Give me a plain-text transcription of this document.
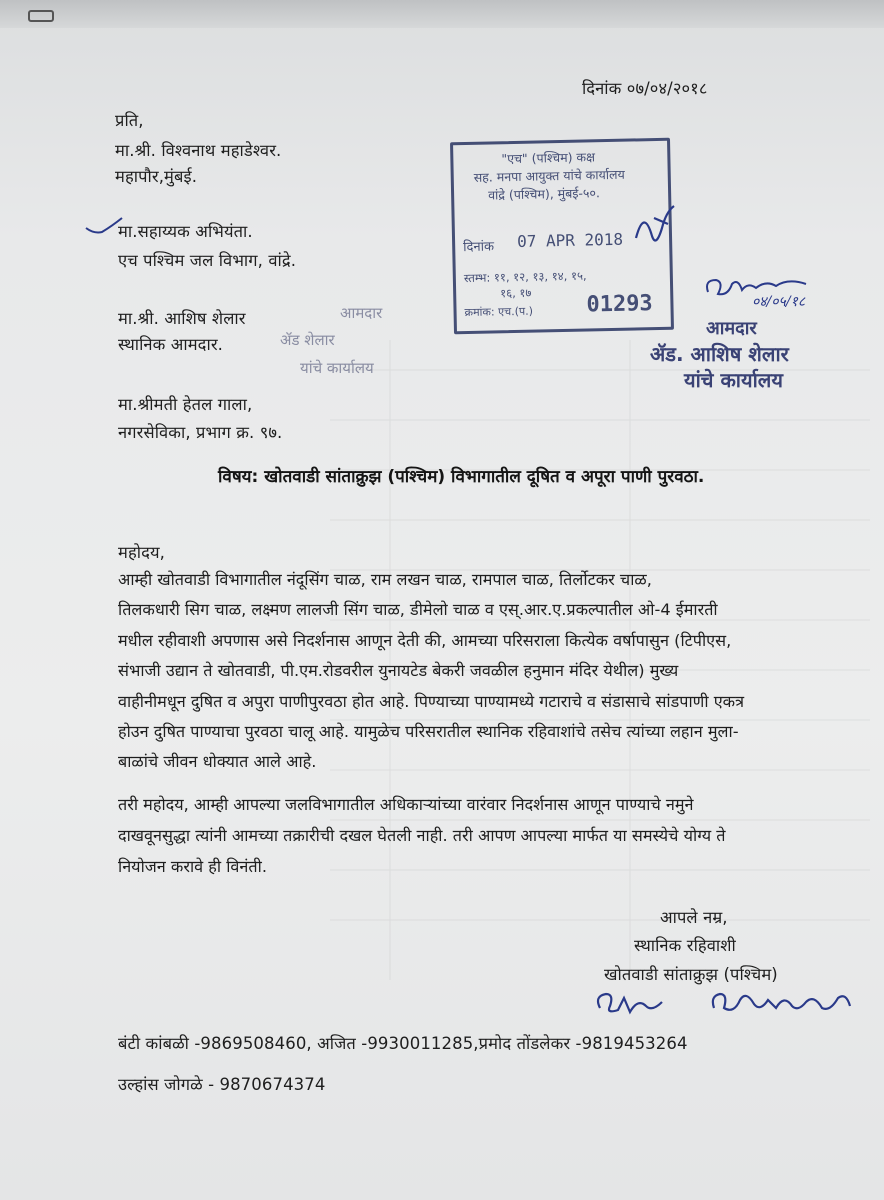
दिनांक ०७/०४/२०१८
प्रति,
मा.श्री. विश्वनाथ महाडेश्वर.
महापौर,मुंबई.
मा.सहाय्यक अभियंता.
एच पश्चिम जल विभाग, वांद्रे.
मा.श्री. आशिष शेलार
स्थानिक आमदार.
आमदार
ॲड शेलार
यांचे कार्यालय
मा.श्रीमती हेतल गाला,
नगरसेविका, प्रभाग क्र. ९७.
विषय: खोतवाडी सांताक्रुझ (पश्चिम) विभागातील दूषित व अपूरा पाणी पुरवठा.
महोदय,
आम्ही खोतवाडी विभागातील नंदूसिंग चाळ, राम लखन चाळ, रामपाल चाळ, तिर्लोटकर चाळ,
तिलकधारी सिग चाळ, लक्ष्मण लालजी सिंग चाळ, डीमेलो चाळ व एस्.आर.ए.प्रकल्पातील ओ-4 ईमारती
मधील रहीवाशी अपणास असे निदर्शनास आणून देती की, आमच्या परिसराला कित्येक वर्षापासुन (टिपीएस,
संभाजी उद्यान ते खोतवाडी, पी.एम.रोडवरील युनायटेड बेकरी जवळील हनुमान मंदिर येथील) मुख्य
वाहीनीमधून दुषित व अपुरा पाणीपुरवठा होत आहे. पिण्याच्या पाण्यामध्ये गटाराचे व संडासाचे सांडपाणी एकत्र
होउन दुषित पाण्याचा पुरवठा चालू आहे. यामुळेच परिसरातील स्थानिक रहिवाशांचे तसेच त्यांच्या लहान मुला-
बाळांचे जीवन धोक्यात आले आहे.
तरी महोदय, आम्ही आपल्या जलविभागातील अधिकाऱ्यांच्या वारंवार निदर्शनास आणून पाण्याचे नमुने
दाखवूनसुद्धा त्यांनी आमच्या तक्रारीची दखल घेतली नाही. तरी आपण आपल्या मार्फत या समस्येचे योग्य ते
नियोजन करावे ही विनंती.
आपले नम्र,
स्थानिक रहिवाशी
खोतवाडी सांताक्रुझ (पश्चिम)
बंटी कांबळी -9869508460, अजित -9930011285,प्रमोद तोंडलेकर -9819453264
उल्हांस जोगळे - 9870674374
"एच" (पश्चिम) कक्ष
सह. मनपा आयुक्त यांचे कार्यालय
वांद्रे (पश्चिम), मुंबई-५०.
दिनांक 07 APR 2018
स्तम्भ: ११, १२, १३, १४, १५,
१६, १७
क्रमांक: एच.(प.) 01293	०४/०५/१८
आमदार
ॲड. आशिष शेलार
यांचे कार्यालय
